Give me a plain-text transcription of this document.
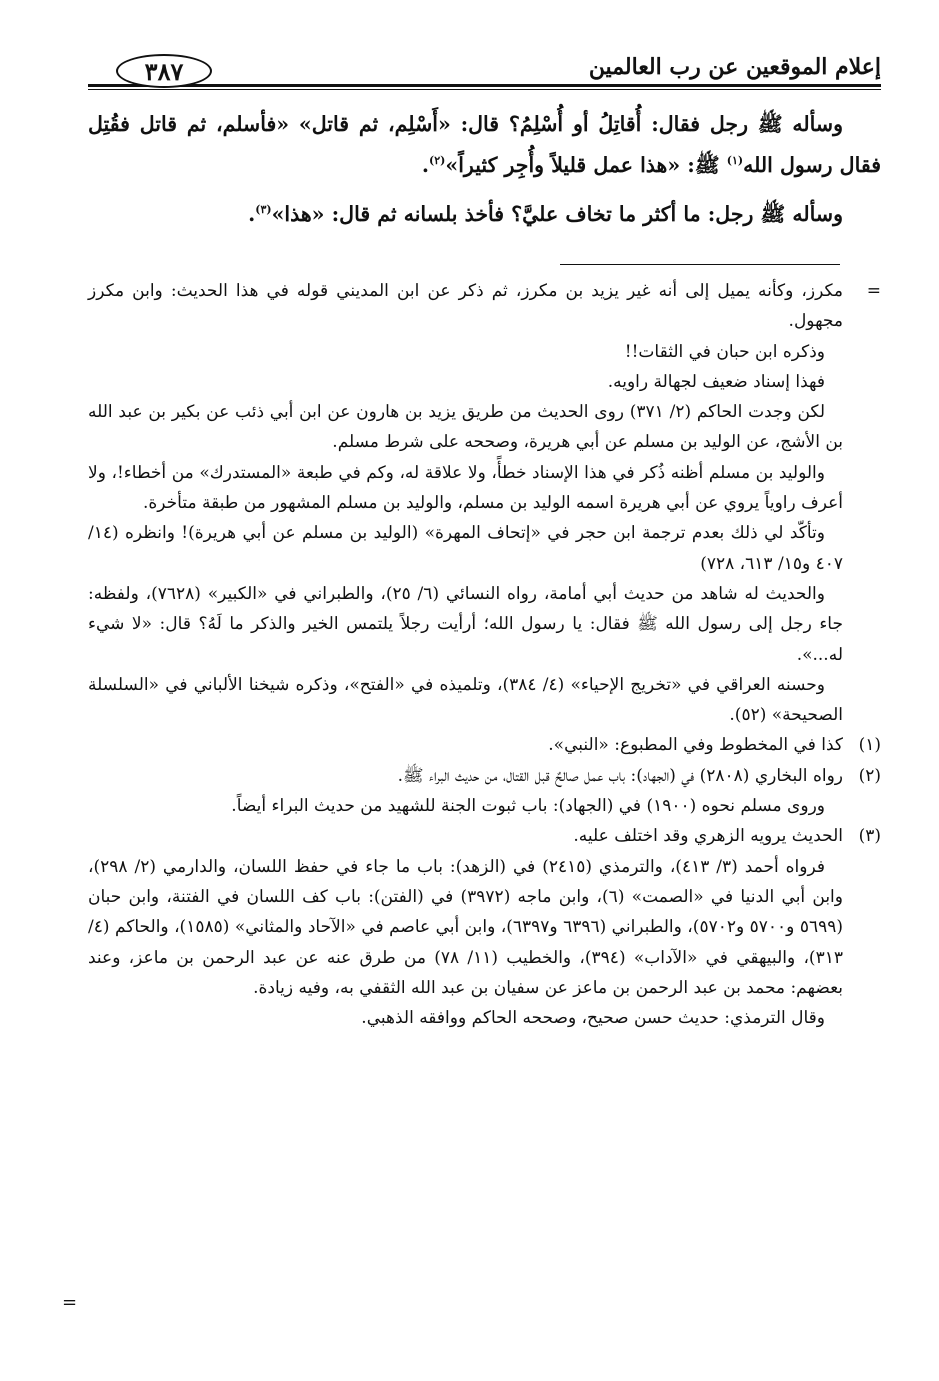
إعلام الموقعين عن رب العالمين
٣٨٧

وسأله ﷺ رجل فقال: أُقاتِلُ أو أُسْلِمُ؟ قال: «أَسْلِم، ثم قاتل» «فأسلم، ثم قاتل فقُتِل فقال رسول الله$^{(١)}$ ﷺ: «هذا عمل قليلاً وأُجِر كثيراً»$^{(٢)}$.

وسأله ﷺ رجل: ما أكثر ما تخاف عليَّ؟ فأخذ بلسانه ثم قال: «هذا»$^{(٣)}$.

=

مكرز، وكأنه يميل إلى أنه غير يزيد بن مكرز، ثم ذكر عن ابن المديني قوله في هذا الحديث: وابن مكرز مجهول.

وذكره ابن حبان في الثقات!!

فهذا إسناد ضعيف لجهالة راويه.

لكن وجدت الحاكم (٢/ ٣٧١) روى الحديث من طريق يزيد بن هارون عن ابن أبي ذئب عن بكير بن عبد الله بن الأشج، عن الوليد بن مسلم عن أبي هريرة، وصححه على شرط مسلم.

والوليد بن مسلم أظنه ذُكر في هذا الإسناد خطأً، ولا علاقة له، وكم في طبعة «المستدرك» من أخطاء!، ولا أعرف راوياً يروي عن أبي هريرة اسمه الوليد بن مسلم، والوليد بن مسلم المشهور من طبقة متأخرة.

وتأكّد لي ذلك بعدم ترجمة ابن حجر في «إتحاف المهرة» (الوليد بن مسلم عن أبي هريرة)! وانظره (١٤/ ٤٠٧ و١٥/ ٦١٣، ٧٢٨)

والحديث له شاهد من حديث أبي أمامة، رواه النسائي (٦/ ٢٥)، والطبراني في «الكبير» (٧٦٢٨)، ولفظه: جاء رجل إلى رسول الله ﷺ فقال: يا رسول الله؛ أرأيت رجلاً يلتمس الخير والذكر ما لَهُ؟ قال: «لا شيء له...».

وحسنه العراقي في «تخريج الإحياء» (٤/ ٣٨٤)، وتلميذه في «الفتح»، وذكره شيخنا الألباني في «السلسلة الصحيحة» (٥٢).

(١)

كذا في المخطوط وفي المطبوع: «النبي».

(٢)

رواه البخاري (٢٨٠٨) في (الجهاد): باب عمل صالحٌ قبل القتال، من حديث البراء ﷺ.

وروى مسلم نحوه (١٩٠٠) في (الجهاد): باب ثبوت الجنة للشهيد من حديث البراء أيضاً.

(٣)

الحديث يرويه الزهري وقد اختلف عليه.

فرواه أحمد (٣/ ٤١٣)، والترمذي (٢٤١٥) في (الزهد): باب ما جاء في حفظ اللسان، والدارمي (٢/ ٢٩٨)، وابن أبي الدنيا في «الصمت» (٦)، وابن ماجه (٣٩٧٢) في (الفتن): باب كف اللسان في الفتنة، وابن حبان (٥٦٩٩ و٥٧٠٠ و٥٧٠٢)، والطبراني (٦٣٩٦ و٦٣٩٧)، وابن أبي عاصم في «الآحاد والمثاني» (١٥٨٥)، والحاكم (٤/ ٣١٣)، والبيهقي في «الآداب» (٣٩٤)، والخطيب (١١/ ٧٨) من طرق عنه عن عبد الرحمن بن ماعز، وعند بعضهم: محمد بن عبد الرحمن بن ماعز عن سفيان بن عبد الله الثقفي به، وفيه زيادة.

وقال الترمذي: حديث حسن صحيح، وصححه الحاكم ووافقه الذهبي.

=
